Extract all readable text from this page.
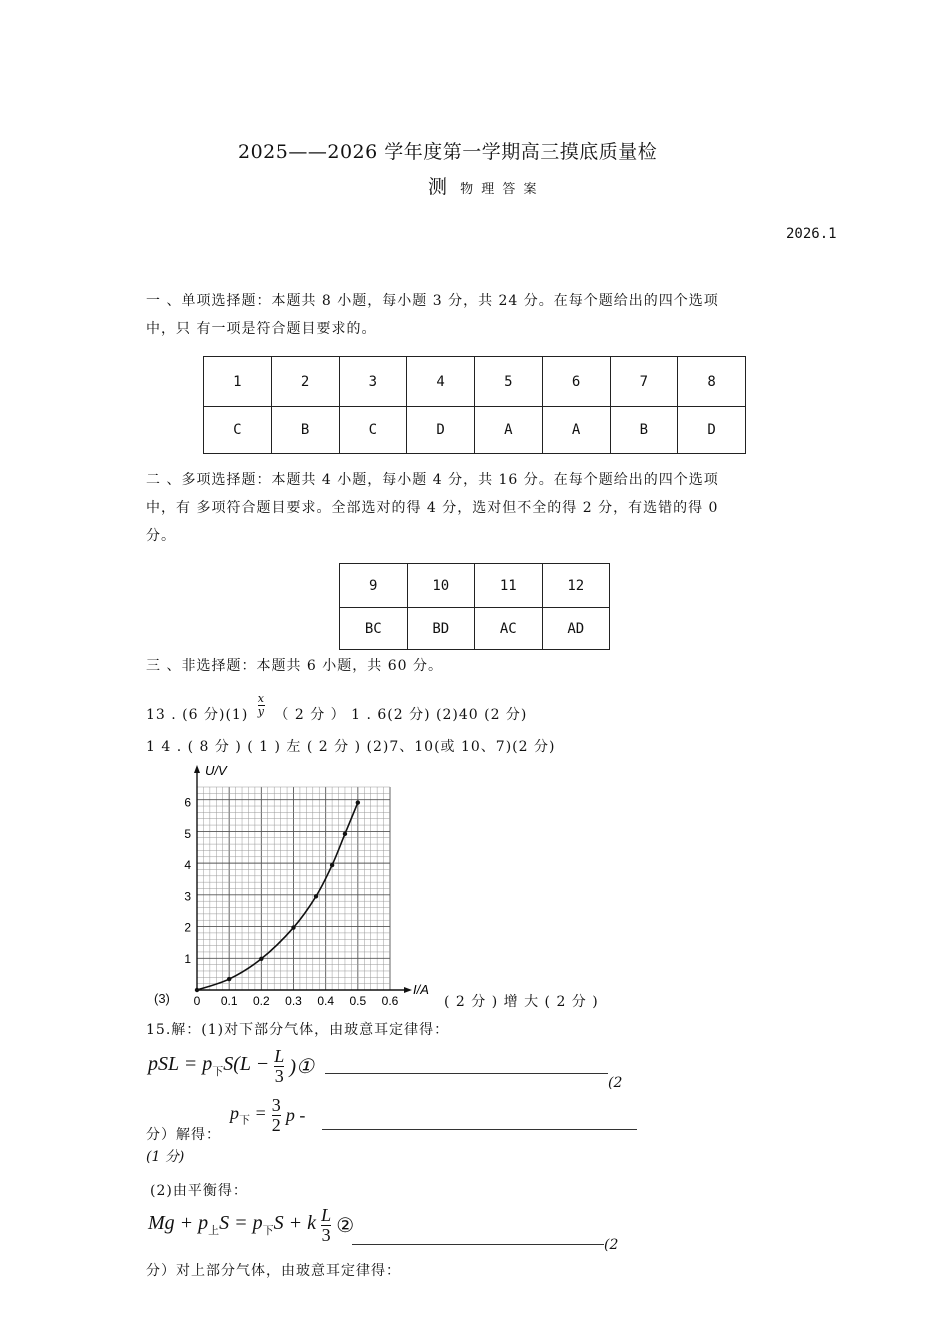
2025——2026 学年度第一学期高三摸底质量检
测 物 理 答 案
2026.1
一 、单项选择题：本题共 8 小题，每小题 3 分，共 24 分。在每个题给出的四个选项
中，只 有一项是符合题目要求的。
1	2	3	4	5	6	7	8
C	B	C	D	A	A	B	D
二 、多项选择题：本题共 4 小题，每小题 4 分，共 16 分。在每个题给出的四个选项
中，有 多项符合题目要求。全部选对的得 4 分，选对但不全的得 2 分，有选错的得 0
分。
9	10	11	12
BC	BD	AC	AD
三 、非选择题：本题共 6 小题，共 60 分。
13 . (6 分)$(1) \frac{x}{y}$ （ 2 分 ） 1 . 6(2 分) (2)40 (2 分)
1 4 . ( 8 分 ) ( 1 ) 左 ( 2 分 ) (2)7、10(或 10、7)(2 分)
U/V
I/A
0 0.1 0.2 0.3 0.4 0.5 0.6
1
2
3
4
5
6
(3)	( 2 分 ) 增 大 ( 2 分 )
15.解：(1)对下部分气体，由玻意耳定律得：
pSL = $p_下S(L - \frac{L}{3}$ )①
(2
分）解得：
$p_下 = \frac{3}{2}$ p -
(1 分)
(2)由平衡得：
$Mg + p_上S = p_下S + k \frac{L}{3}$ ②
(2
分）对上部分气体，由玻意耳定律得：
